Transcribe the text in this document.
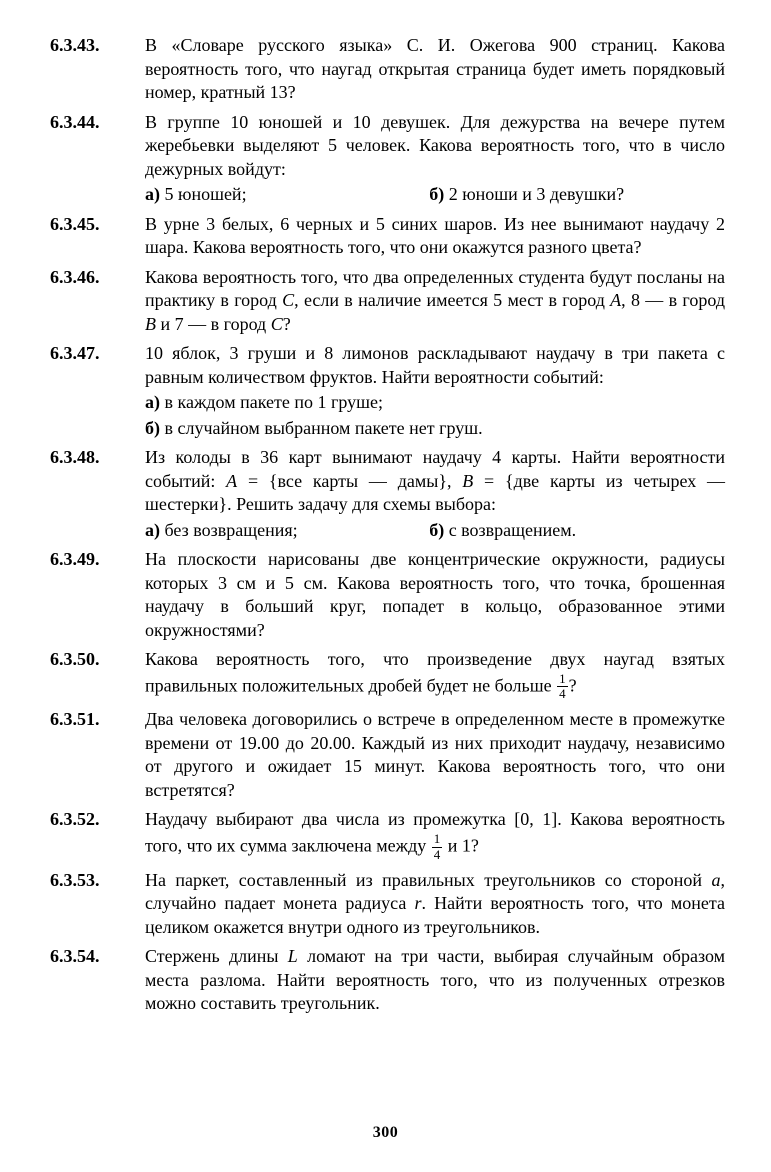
6.3.43.	В «Словаре русского языка» С. И. Ожегова 900 страниц. Какова вероятность того, что наугад открытая страница будет иметь порядковый номер, кратный 13?

6.3.44.	В группе 10 юношей и 10 девушек. Для дежурства на вечере путем жеребьевки выделяют 5 человек. Какова вероятность того, что в число дежурных войдут:

а) 5 юношей;	б) 2 юноши и 3 девушки?
6.3.45.	В урне 3 белых, 6 черных и 5 синих шаров. Из нее вынимают наудачу 2 шара. Какова вероятность того, что они окажутся разного цвета?

6.3.46.	Какова вероятность того, что два определенных студента будут посланы на практику в город C, если в наличие имеется 5 мест в город A, 8 — в город B и 7 — в город C?

6.3.47.	10 яблок, 3 груши и 8 лимонов раскладывают наудачу в три пакета с равным количеством фруктов. Найти вероятности событий:

а) в каждом пакете по 1 груше;
б) в случайном выбранном пакете нет груш.
6.3.48.	Из колоды в 36 карт вынимают наудачу 4 карты. Найти вероятности событий: A = {все карты — дамы}, B = {две карты из четырех — шестерки}. Решить задачу для схемы выбора:

а) без возвращения;	б) с возвращением.
6.3.49.	На плоскости нарисованы две концентрические окружности, радиусы которых 3 см и 5 см. Какова вероятность того, что точка, брошенная наудачу в больший круг, попадет в кольцо, образованное этими окружностями?

6.3.50.	Какова вероятность того, что произведение двух наугад взятых правильных положительных дробей будет не больше $\frac{1}{4}$ ?

6.3.51.	Два человека договорились о встрече в определенном месте в промежутке времени от 19.00 до 20.00. Каждый из них приходит наудачу, независимо от другого и ожидает 15 минут. Какова вероятность того, что они встретятся?

6.3.52.	Наудачу выбирают два числа из промежутка [0, 1]. Какова вероятность того, что их сумма заключена между $\frac{1}{4}$ и 1?

6.3.53.	На паркет, составленный из правильных треугольников со стороной a, случайно падает монета радиуса r. Найти вероятность того, что монета целиком окажется внутри одного из треугольников.

6.3.54.	Стержень длины L ломают на три части, выбирая случайным образом места разлома. Найти вероятность того, что из полученных отрезков можно составить треугольник.

300
